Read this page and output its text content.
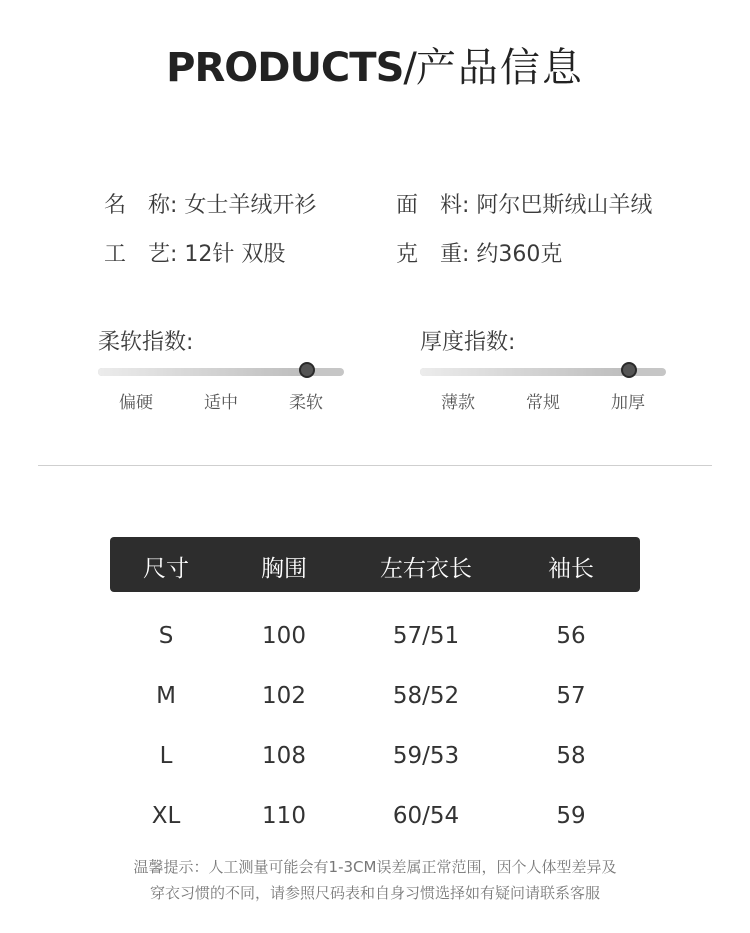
PRODUCTS/产品信息
名　称: 女士羊绒开衫	面　料: 阿尔巴斯绒山羊绒
工　艺: 12针 双股	克　重: 约360克
柔软指数:
偏硬	适中	柔软
厚度指数:
薄款	常规	加厚
尺寸	胸围	左右衣长	袖长
S	100	57/51	56
M	102	58/52	57
L	108	59/53	58
XL	110	60/54	59
温馨提示：人工测量可能会有1-3CM误差属正常范围，因个人体型差异及
穿衣习惯的不同，请参照尺码表和自身习惯选择如有疑问请联系客服
